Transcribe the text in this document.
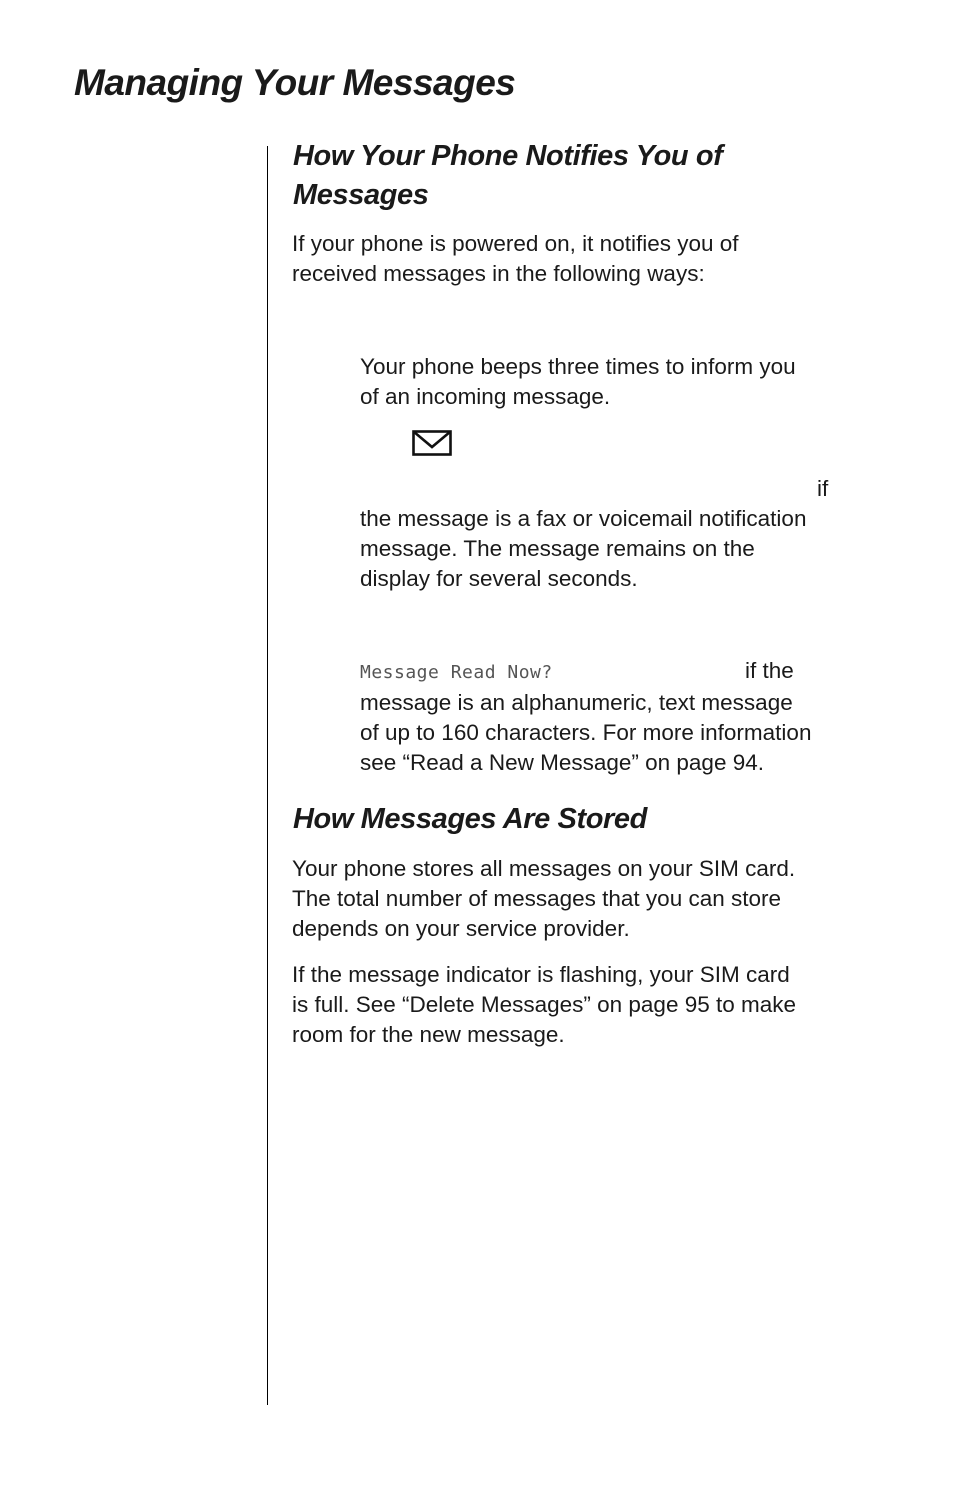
Managing Your Messages
How Your Phone Notifies You of
Messages

If your phone is powered on, it notifies you of
received messages in the following ways:

Your phone beeps three times to inform you
of an incoming message.

if
the message is a fax or voicemail notification
message. The message remains on the
display for several seconds.

Message Read Now?	if the
message is an alphanumeric, text message
of up to 160 characters. For more information
see “Read a New Message” on page 94.

How Messages Are Stored

Your phone stores all messages on your SIM card.
The total number of messages that you can store
depends on your service provider.

If the message indicator is flashing, your SIM card
is full. See “Delete Messages” on page 95 to make
room for the new message.
